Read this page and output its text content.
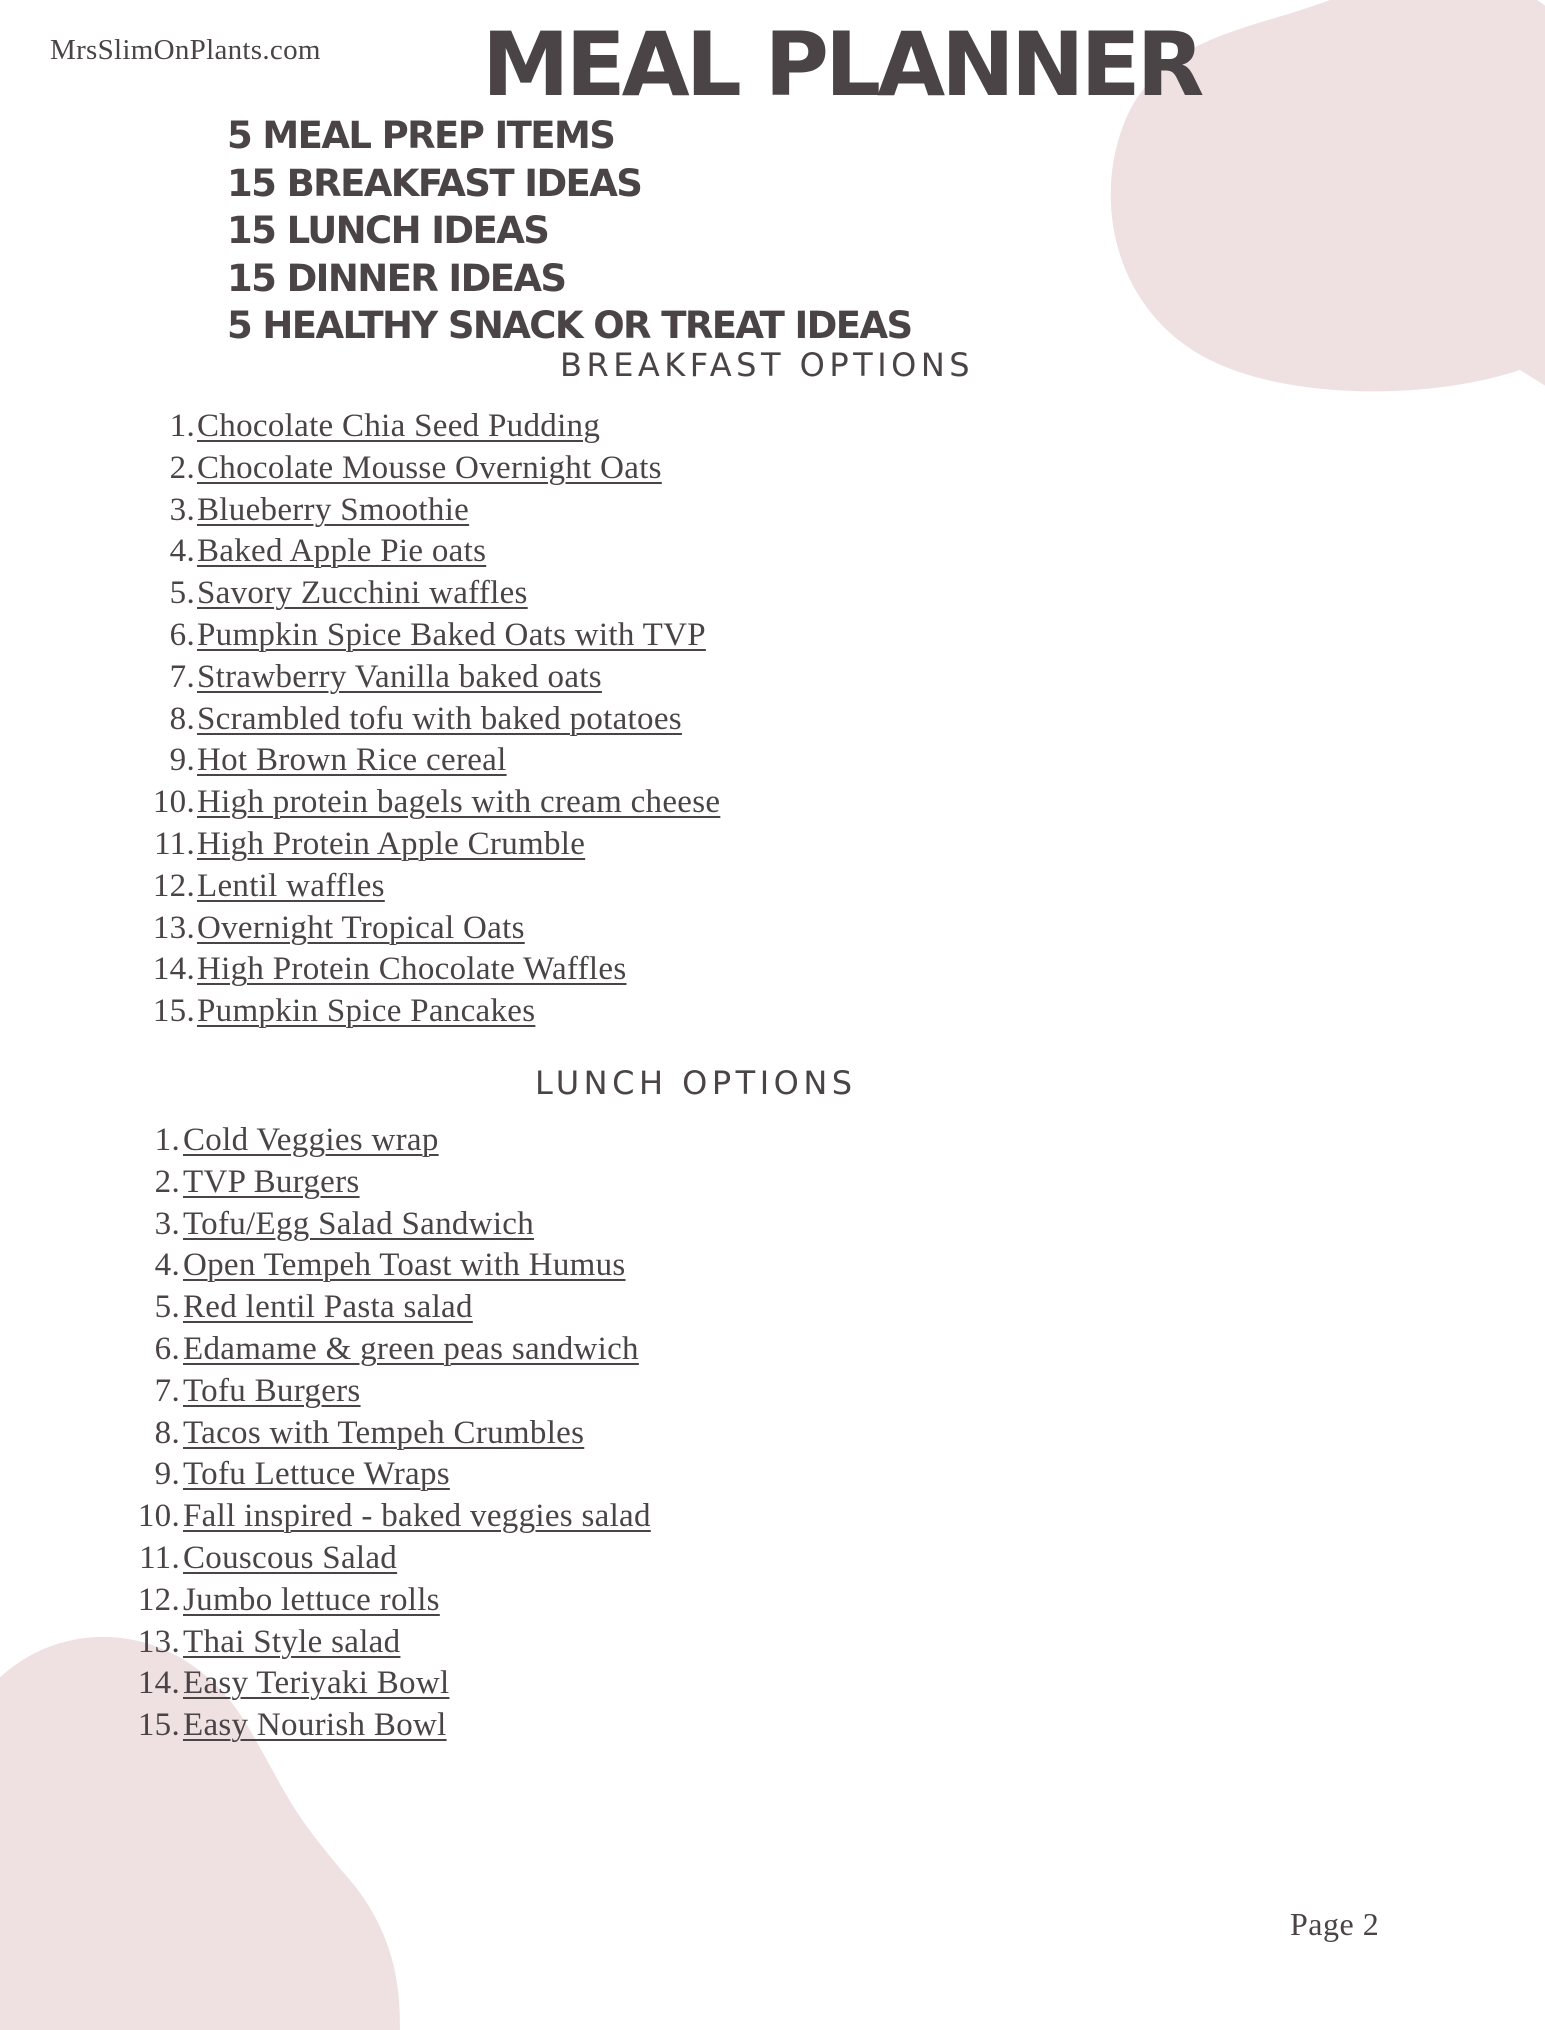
MrsSlimOnPlants.com MEAL PLANNER
5 MEAL PREP ITEMS
15 BREAKFAST IDEAS
15 LUNCH IDEAS
15 DINNER IDEAS
5 HEALTHY SNACK OR TREAT IDEAS
BREAKFAST OPTIONS
1.Chocolate Chia Seed Pudding
2.Chocolate Mousse Overnight Oats
3.Blueberry Smoothie
4.Baked Apple Pie oats
5.Savory Zucchini waffles
6.Pumpkin Spice Baked Oats with TVP
7.Strawberry Vanilla baked oats
8.Scrambled tofu with baked potatoes
9.Hot Brown Rice cereal
10.High protein bagels with cream cheese
11.High Protein Apple Crumble
12.Lentil waffles
13.Overnight Tropical Oats
14.High Protein Chocolate Waffles
15.Pumpkin Spice Pancakes
LUNCH OPTIONS
1.Cold Veggies wrap
2.TVP Burgers
3.Tofu/Egg Salad Sandwich
4.Open Tempeh Toast with Humus
5.Red lentil Pasta salad
6.Edamame & green peas sandwich
7.Tofu Burgers
8.Tacos with Tempeh Crumbles
9.Tofu Lettuce Wraps
10.Fall inspired - baked veggies salad
11.Couscous Salad
12.Jumbo lettuce rolls
13.Thai Style salad
14.Easy Teriyaki Bowl
15.Easy Nourish Bowl
Page 2
